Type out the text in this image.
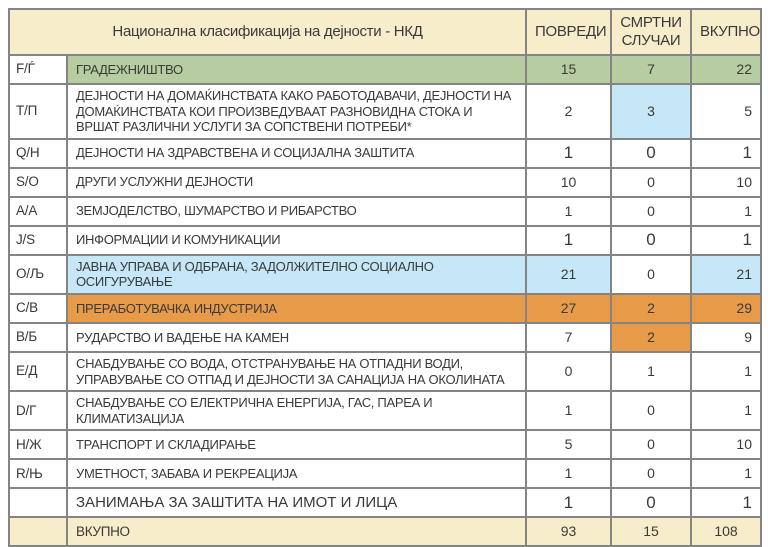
Национална класификација на дејности - НКД		ПОВРЕДИ	СМРТНИ СЛУЧАИ	ВКУПНО
F/Ѓ	ГРАДЕЖНИШТВО	15	7	22
T/П	ДЕЈНОСТИ НА ДОМАЌИНСТВАТА КАКО РАБОТОДАВАЧИ, ДЕЈНОСТИ НА ДОМАЌИНСТВАТА КОИ ПРОИЗВЕДУВААТ РАЗНОВИДНА СТОКА И ВРШАТ РАЗЛИЧНИ УСЛУГИ ЗА СОПСТВЕНИ ПОТРЕБИ*	2	3	5
Q/H	ДЕЈНОСТИ НА ЗДРАВСТВЕНА И СОЦИЈАЛНА ЗАШТИТА	1	0	1
S/O	ДРУГИ УСЛУЖНИ ДЕЈНОСТИ	10	0	10
A/A	ЗЕМЈОДЕЛСТВО, ШУМАРСТВО И РИБАРСТВО	1	0	1
J/S	ИНФОРМАЦИИ И КОМУНИКАЦИИ	1	0	1
O/Љ	ЈАВНА УПРАВА И ОДБРАНА, ЗАДОЛЖИТЕЛНО СОЦИАЛНО ОСИГУРУВАЊЕ	21	0	21
C/B	ПРЕРАБОТУВАЧКА ИНДУСТРИЈА	27	2	29
B/Б	РУДАРСТВО И ВАДЕЊЕ НА КАМЕН	7	2	9
E/Д	СНАБДУВАЊЕ СО ВОДА, ОТСТРАНУВАЊЕ НА ОТПАДНИ ВОДИ, УПРАВУВАЊЕ СО ОТПАД И ДЕЈНОСТИ ЗА САНАЦИЈА НА ОКОЛИНАТА	0	1	1
D/Г	СНАБДУВАЊЕ СО ЕЛЕКТРИЧНА ЕНЕРГИЈА, ГАС, ПАРЕА И КЛИМАТИЗАЦИЈА	1	0	1
H/Ж	ТРАНСПОРТ И СКЛАДИРАЊЕ	5	0	10
R/Њ	УМЕТНОСТ, ЗАБАВА И РЕКРЕАЦИЈА	1	0	1
	ЗАНИМАЊА ЗА ЗАШТИТА НА ИМОТ И ЛИЦА	1	0	1
	ВКУПНО	93	15	108
